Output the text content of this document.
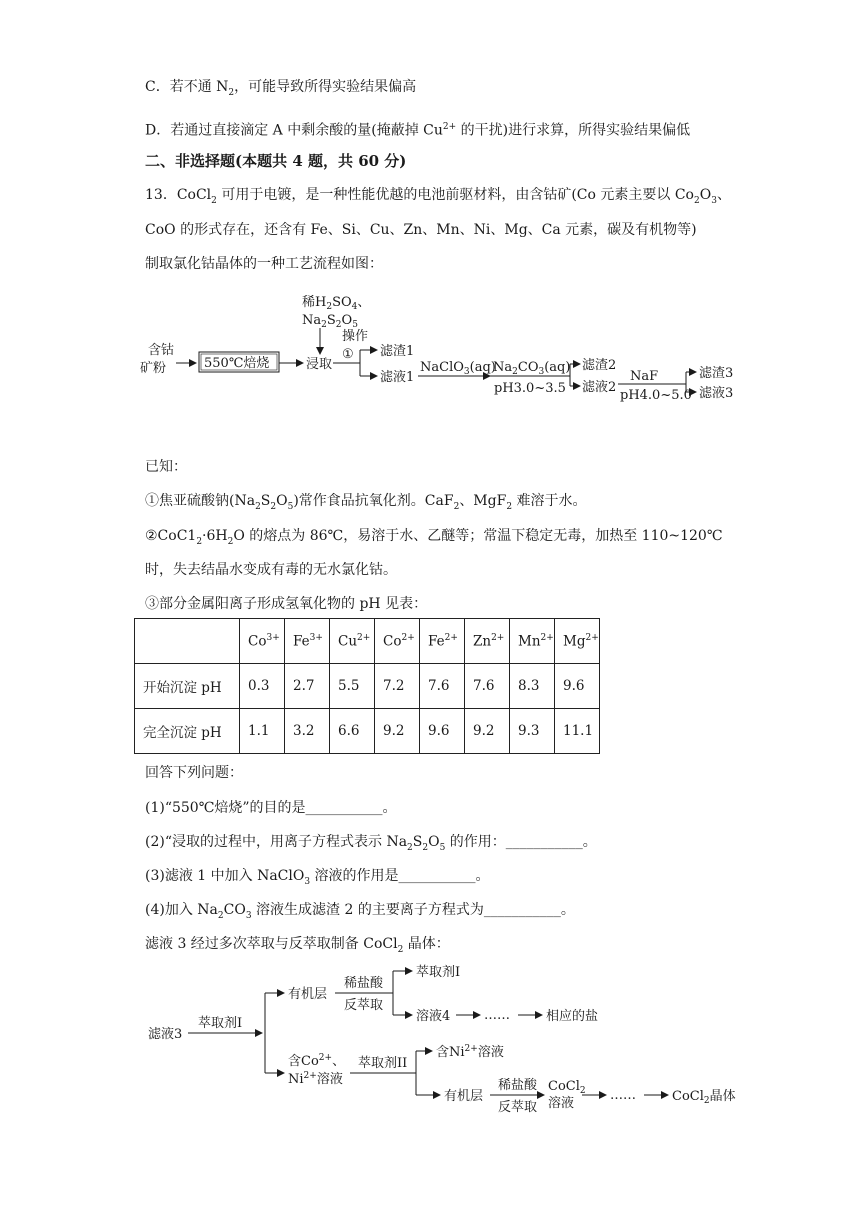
C．若不通 $N_2$，可能导致所得实验结果偏高
D．若通过直接滴定 A 中剩余酸的量(掩蔽掉 $Cu^{2+}$ 的干扰)进行求算，所得实验结果偏低
二、非选择题(本题共 4 题，共 60 分)
13．CoCl$_2$ 可用于电镀，是一种性能优越的电池前驱材料，由含钴矿(Co 元素主要以 $Co_2O_3$、
CoO 的形式存在，还含有 Fe、Si、Cu、Zn、Mn、Ni、Mg、Ca 元素，碳及有机物等)
制取氯化钴晶体的一种工艺流程如图：
稀$H_2SO_4$、
$Na_2S_2O_5$
含钴
矿粉	550℃焙烧	浸取
操作
① 滤渣1
滤液1
NaClO$_3$(aq)
$Na_2CO_3(aq)$
pH3.0~3.5
滤渣2
滤液2
NaF
pH4.0~5.0
滤渣3
滤液3
已知：
①焦亚硫酸钠$(Na_2S_2O_5)$常作食品抗氧化剂。CaF$_2$、MgF$_2$ 难溶于水。
$②CoC1_2\cdot 6H_2O$ 的熔点为 86℃，易溶于水、乙醚等；常温下稳定无毒，加热至 110~120℃
时，失去结晶水变成有毒的无水氯化钴。
③部分金属阳离子形成氢氧化物的 pH 见表：
	$Co^{3+}$	$Fe^{3+}$	$Cu^{2+}$	$Co^{2+}$	$Fe^{2+}$	$Zn^{2+}$	$Mn^{2+}$	$Mg^{2+}$
开始沉淀 pH	0.3	2.7	5.5	7.2	7.6	7.6	8.3	9.6
完全沉淀 pH	1.1	3.2	6.6	9.2	9.6	9.2	9.3	11.1
回答下列问题：
(1)“550℃焙烧”的目的是___________。
(2)“浸取的过程中，用离子方程式表示 $Na_2S_2O_5$ 的作用：___________。
(3)滤液 1 中加入 NaClO$_3$ 溶液的作用是___________。
(4)加入 $Na_2CO_3$ 溶液生成滤渣 2 的主要离子方程式为___________。
滤液 3 经过多次萃取与反萃取制备 CoCl$_2$ 晶体：
滤液3
萃取剂I
有机层
稀盐酸
反萃取
萃取剂I
溶液4	……	相应的盐
含$Co^{2+}$、
$Ni^{2+}$溶液
萃取剂II
含$Ni^{2+}$溶液
有机层
稀盐酸
反萃取
CoCl$_2$
溶液
……	CoCl$_2$晶体
